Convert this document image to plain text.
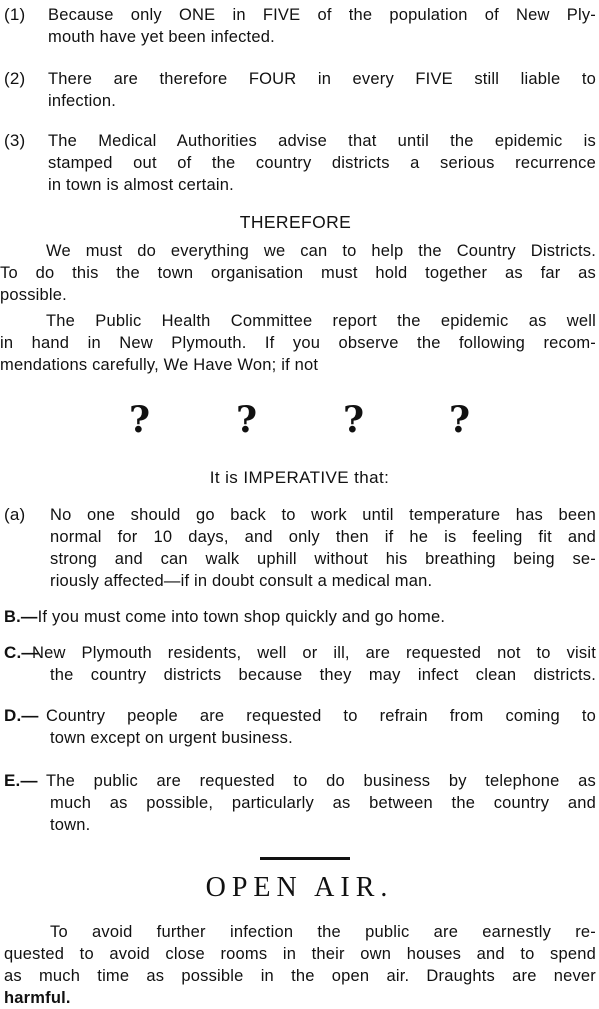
(1) Because only ONE in FIVE of the population of New Ply-
mouth have yet been infected.
(2) There are therefore FOUR in every FIVE still liable to
infection.
(3) The Medical Authorities advise that until the epidemic is
stamped out of the country districts a serious recurrence
in town is almost certain.
THEREFORE
We must do everything we can to help the Country Districts.
To do this the town organisation must hold together as far as
possible.
The Public Health Committee report the epidemic as well
in hand in New Plymouth. If you observe the following recom-
mendations carefully, We Have Won; if not
? ? ? ?
It is IMPERATIVE that:
(a) No one should go back to work until temperature has been
normal for 10 days, and only then if he is feeling fit and
strong and can walk uphill without his breathing being se-
riously affected—if in doubt consult a medical man.
B.—If you must come into town shop quickly and go home.
C.—
New Plymouth residents, well or ill, are requested not to visit
the country districts because they may infect clean districts.
D.— Country people are requested to refrain from coming to
town except on urgent business.
E.— The public are requested to do business by telephone as
much as possible, particularly as between the country and
town.
OPEN AIR.
To avoid further infection the public are earnestly re-
quested to avoid close rooms in their own houses and to spend
as much time as possible in the open air. Draughts are never
harmful.
